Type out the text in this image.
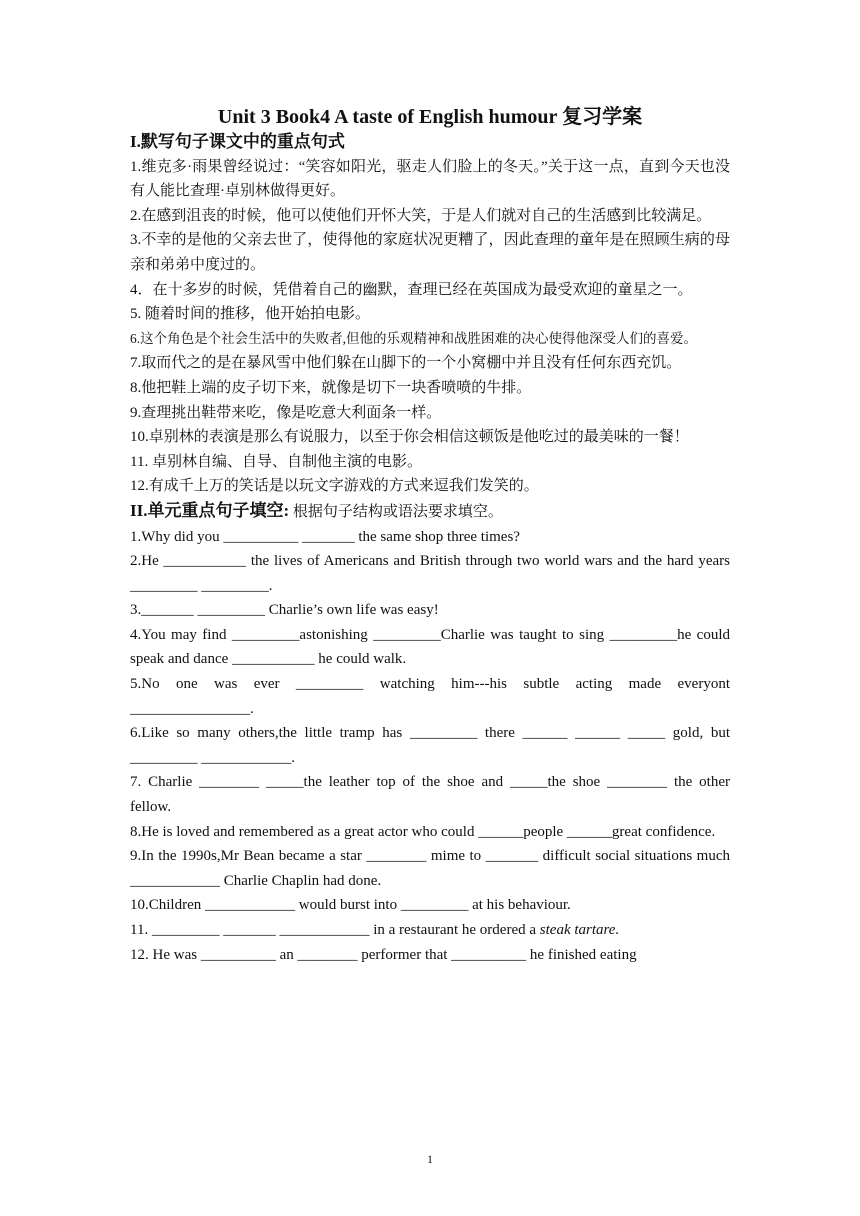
Unit 3 Book4 A taste of English humour 复习学案
I.默写句子课文中的重点句式

1.维克多·雨果曾经说过：“笑容如阳光，驱走人们脸上的冬天。”关于这一点，直到今天也没有人能比查理·卓别林做得更好。

2.在感到沮丧的时候，他可以使他们开怀大笑，于是人们就对自己的生活感到比较满足。

3.不幸的是他的父亲去世了，使得他的家庭状况更糟了，因此查理的童年是在照顾生病的母亲和弟弟中度过的。

4．在十多岁的时候，凭借着自己的幽默，查理已经在英国成为最受欢迎的童星之一。

5. 随着时间的推移，他开始拍电影。

6.这个角色是个社会生活中的失败者,但他的乐观精神和战胜困难的决心使得他深受人们的喜爱。

7.取而代之的是在暴风雪中他们躲在山脚下的一个小窝棚中并且没有任何东西充饥。

8.他把鞋上端的皮子切下来，就像是切下一块香喷喷的牛排。

9.查理挑出鞋带来吃，像是吃意大利面条一样。

10.卓别林的表演是那么有说服力，以至于你会相信这顿饭是他吃过的最美味的一餐！

11. 卓别林自编、自导、自制他主演的电影。

12.有成千上万的笑话是以玩文字游戏的方式来逗我们发笑的。

II.单元重点句子填空: 根据句子结构或语法要求填空。

1.Why did you __________ _______ the same shop three times?

2.He ___________ the lives of Americans and British through two world wars and the hard years _________ _________.

3._______ _________ Charlie’s own life was easy!

4.You may find _________astonishing _________Charlie was taught to sing _________he could speak and dance ___________ he could walk.

5.No one was ever _________ watching him---his subtle acting made everyont ________________.

6.Like so many others,the little tramp has _________ there ______ ______ _____ gold, but _________ ____________.

7. Charlie ________ _____the leather top of the shoe and _____the shoe ________ the other fellow.

8.He is loved and remembered as a great actor who could ______people ______great confidence.

9.In the 1990s,Mr Bean became a star ________ mime to _______ difficult social situations much ____________ Charlie Chaplin had done.

10.Children ____________ would burst into _________ at his behaviour.

11. _________ _______ ____________ in a restaurant he ordered a steak tartare.

12. He was __________ an ________ performer that __________ he finished eating

1
